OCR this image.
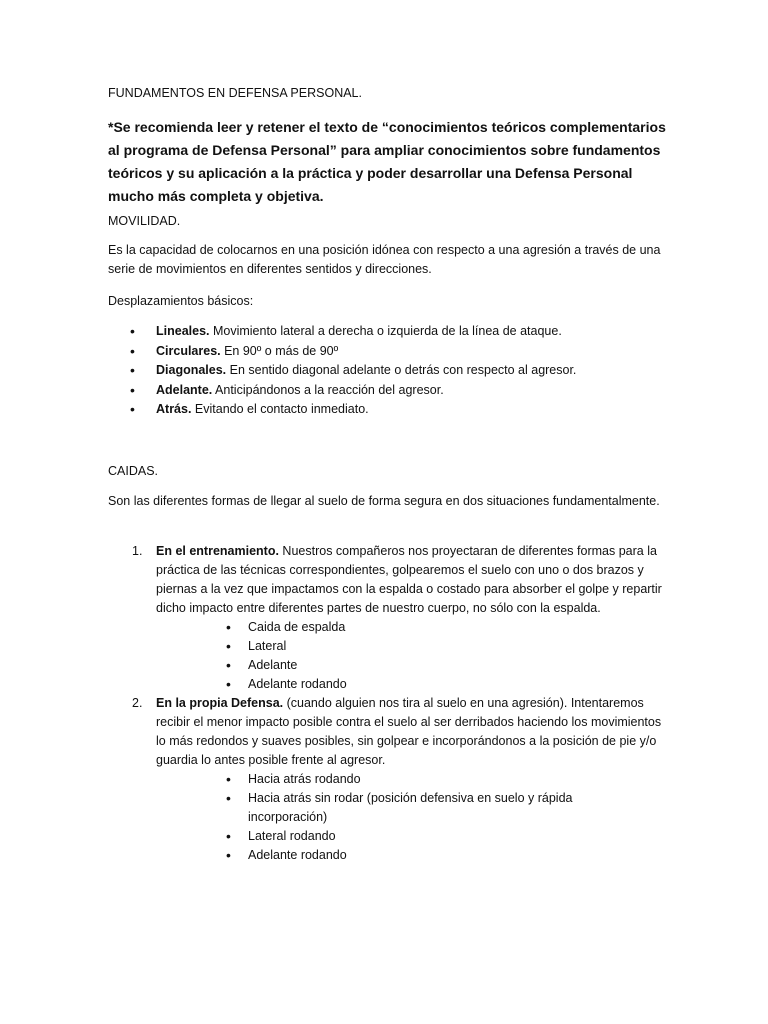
FUNDAMENTOS EN DEFENSA PERSONAL.

*Se recomienda leer y retener el texto de “conocimientos teóricos complementarios al programa de Defensa Personal” para ampliar conocimientos sobre fundamentos teóricos y su aplicación a la práctica y poder desarrollar una Defensa Personal mucho más completa y objetiva.

MOVILIDAD.

Es la capacidad de colocarnos en una posición idónea con respecto a una agresión a través de una serie de movimientos en diferentes sentidos y direcciones.

Desplazamientos básicos:

• Lineales. Movimiento lateral a derecha o izquierda de la línea de ataque.
• Circulares. En 90º o más de 90º
• Diagonales. En sentido diagonal adelante o detrás con respecto al agresor.
• Adelante. Anticipándonos a la reacción del agresor.
• Atrás. Evitando el contacto inmediato.

CAIDAS.

Son las diferentes formas de llegar al suelo de forma segura en dos situaciones fundamentalmente.

1. En el entrenamiento. Nuestros compañeros nos proyectaran de diferentes formas para la práctica de las técnicas correspondientes, golpearemos el suelo con uno o dos brazos y piernas a la vez que impactamos con la espalda o costado para absorber el golpe y repartir dicho impacto entre diferentes partes de nuestro cuerpo, no sólo con la espalda.
• Caida de espalda
• Lateral
• Adelante
• Adelante rodando
2. En la propia Defensa. (cuando alguien nos tira al suelo en una agresión). Intentaremos recibir el menor impacto posible contra el suelo al ser derribados haciendo los movimientos lo más redondos y suaves posibles, sin golpear e incorporándonos a la posición de pie y/o guardia lo antes posible frente al agresor.
• Hacia atrás rodando
• Hacia atrás sin rodar (posición defensiva en suelo y rápida incorporación)
• Lateral rodando
• Adelante rodando
